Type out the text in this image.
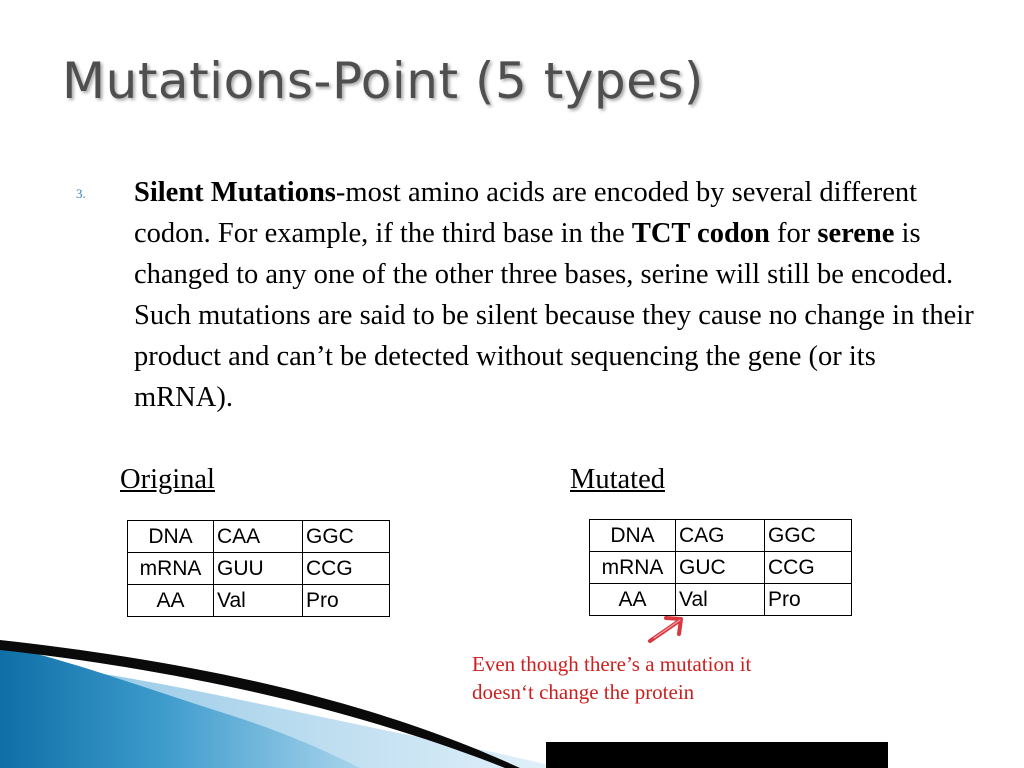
Mutations-Point (5 types)
3. Silent Mutations-most amino acids are encoded by several different codon. For example, if the third base in the TCT codon for serene is changed to any one of the other three bases, serine will still be encoded. Such mutations are said to be silent because they cause no change in their product and can’t be detected without sequencing the gene (or its mRNA).
Original	Mutated
DNA	CAA	GGC
mRNA	GUU	CCG
AA	Val	Pro
DNA	CAG	GGC
mRNA	GUC	CCG
AA	Val	Pro
Even though there’s a mutation it doesn‘t change the protein
